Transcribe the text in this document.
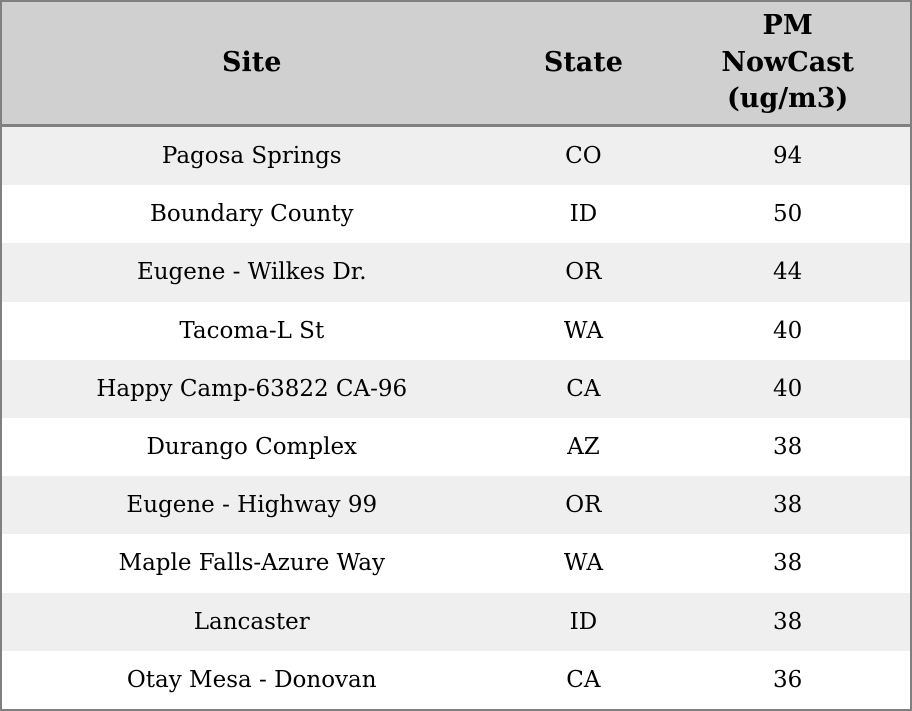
Site	State	PM NowCast (ug/m3)
Pagosa Springs	CO	94
Boundary County	ID	50
Eugene - Wilkes Dr.	OR	44
Tacoma-L St	WA	40
Happy Camp-63822 CA-96	CA	40
Durango Complex	AZ	38
Eugene - Highway 99	OR	38
Maple Falls-Azure Way	WA	38
Lancaster	ID	38
Otay Mesa - Donovan	CA	36
